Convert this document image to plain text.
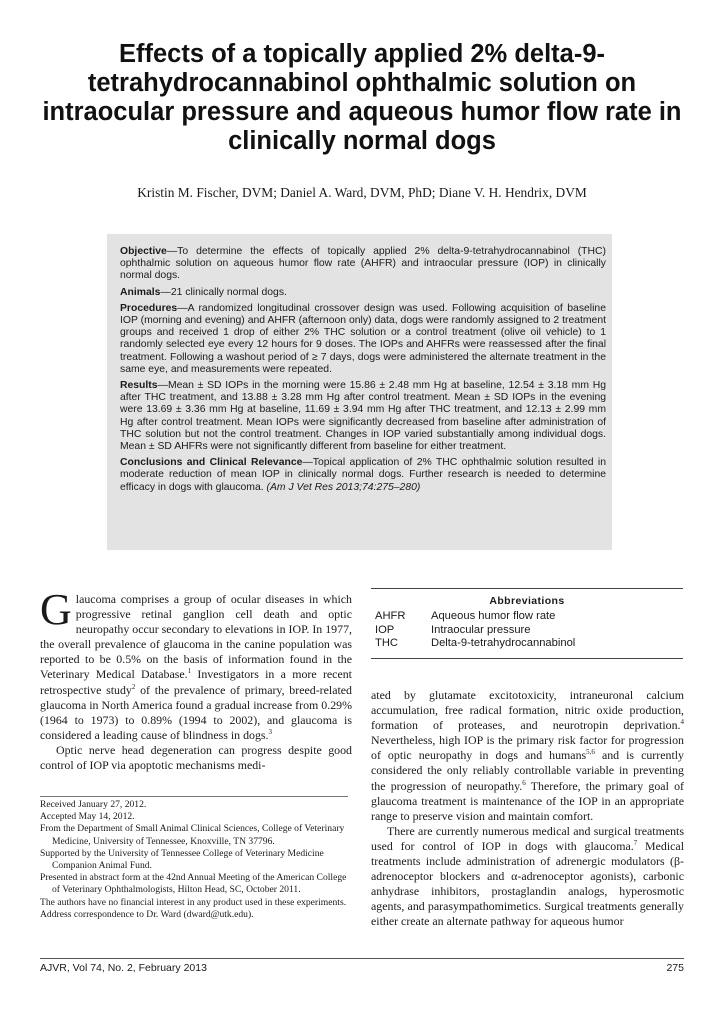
Effects of a topically applied 2% delta-9-tetrahydrocannabinol ophthalmic solution on intraocular pressure and aqueous humor flow rate in clinically normal dogs

Kristin M. Fischer, DVM; Daniel A. Ward, DVM, PhD; Diane V. H. Hendrix, DVM

Objective—To determine the effects of topically applied 2% delta-9-tetrahydrocannabinol (THC) ophthalmic solution on aqueous humor flow rate (AHFR) and intraocular pressure (IOP) in clinically normal dogs.

Animals—21 clinically normal dogs.

Procedures—A randomized longitudinal crossover design was used. Following acquisition of baseline IOP (morning and evening) and AHFR (afternoon only) data, dogs were randomly assigned to 2 treatment groups and received 1 drop of either 2% THC solution or a control treatment (olive oil vehicle) to 1 randomly selected eye every 12 hours for 9 doses. The IOPs and AHFRs were reassessed after the final treatment. Following a washout period of ≥ 7 days, dogs were administered the alternate treatment in the same eye, and measurements were repeated.

Results—Mean ± SD IOPs in the morning were 15.86 ± 2.48 mm Hg at baseline, 12.54 ± 3.18 mm Hg after THC treatment, and 13.88 ± 3.28 mm Hg after control treatment. Mean ± SD IOPs in the evening were 13.69 ± 3.36 mm Hg at baseline, 11.69 ± 3.94 mm Hg after THC treatment, and 12.13 ± 2.99 mm Hg after control treatment. Mean IOPs were significantly decreased from baseline after administration of THC solution but not the control treatment. Changes in IOP varied substantially among individual dogs. Mean ± SD AHFRs were not significantly different from baseline for either treatment.

Conclusions and Clinical Relevance—Topical application of 2% THC ophthalmic solution resulted in moderate reduction of mean IOP in clinically normal dogs. Further research is needed to determine efficacy in dogs with glaucoma. (Am J Vet Res 2013;74:275–280)

Glaucoma comprises a group of ocular diseases in which progressive retinal ganglion cell death and optic neuropathy occur secondary to elevations in IOP. In 1977, the overall prevalence of glaucoma in the canine population was reported to be 0.5% on the basis of information found in the Veterinary Medical Database.$^1$ Investigators in a more recent retrospective study$^2$ of the prevalence of primary, breed-related glaucoma in North America found a gradual increase from 0.29% (1964 to 1973) to 0.89% (1994 to 2002), and glaucoma is considered a leading cause of blindness in dogs.$^3$

Optic nerve head degeneration can progress despite good control of IOP via apoptotic mechanisms medi-

Received January 27, 2012.

Accepted May 14, 2012.

From the Department of Small Animal Clinical Sciences, College of Veterinary Medicine, University of Tennessee, Knoxville, TN 37796.

Supported by the University of Tennessee College of Veterinary Medicine Companion Animal Fund.

Presented in abstract form at the 42nd Annual Meeting of the American College of Veterinary Ophthalmologists, Hilton Head, SC, October 2011.

The authors have no financial interest in any product used in these experiments.

Address correspondence to Dr. Ward (dward@utk.edu).

Abbreviations
AHFR	Aqueous humor flow rate
IOP	Intraocular pressure
THC	Delta-9-tetrahydrocannabinol

ated by glutamate excitotoxicity, intraneuronal calcium accumulation, free radical formation, nitric oxide production, formation of proteases, and neurotropin deprivation.$^4$ Nevertheless, high IOP is the primary risk factor for progression of optic neuropathy in dogs and humans$^{5,6}$ and is currently considered the only reliably controllable variable in preventing the progression of neuropathy.$^6$ Therefore, the primary goal of glaucoma treatment is maintenance of the IOP in an appropriate range to preserve vision and maintain comfort.

There are currently numerous medical and surgical treatments used for control of IOP in dogs with glaucoma.$^7$ Medical treatments include administration of adrenergic modulators (β-adrenoceptor blockers and α-adrenoceptor agonists), carbonic anhydrase inhibitors, prostaglandin analogs, hyperosmotic agents, and parasympathomimetics. Surgical treatments generally either create an alternate pathway for aqueous humor

AJVR, Vol 74, No. 2, February 2013	275
